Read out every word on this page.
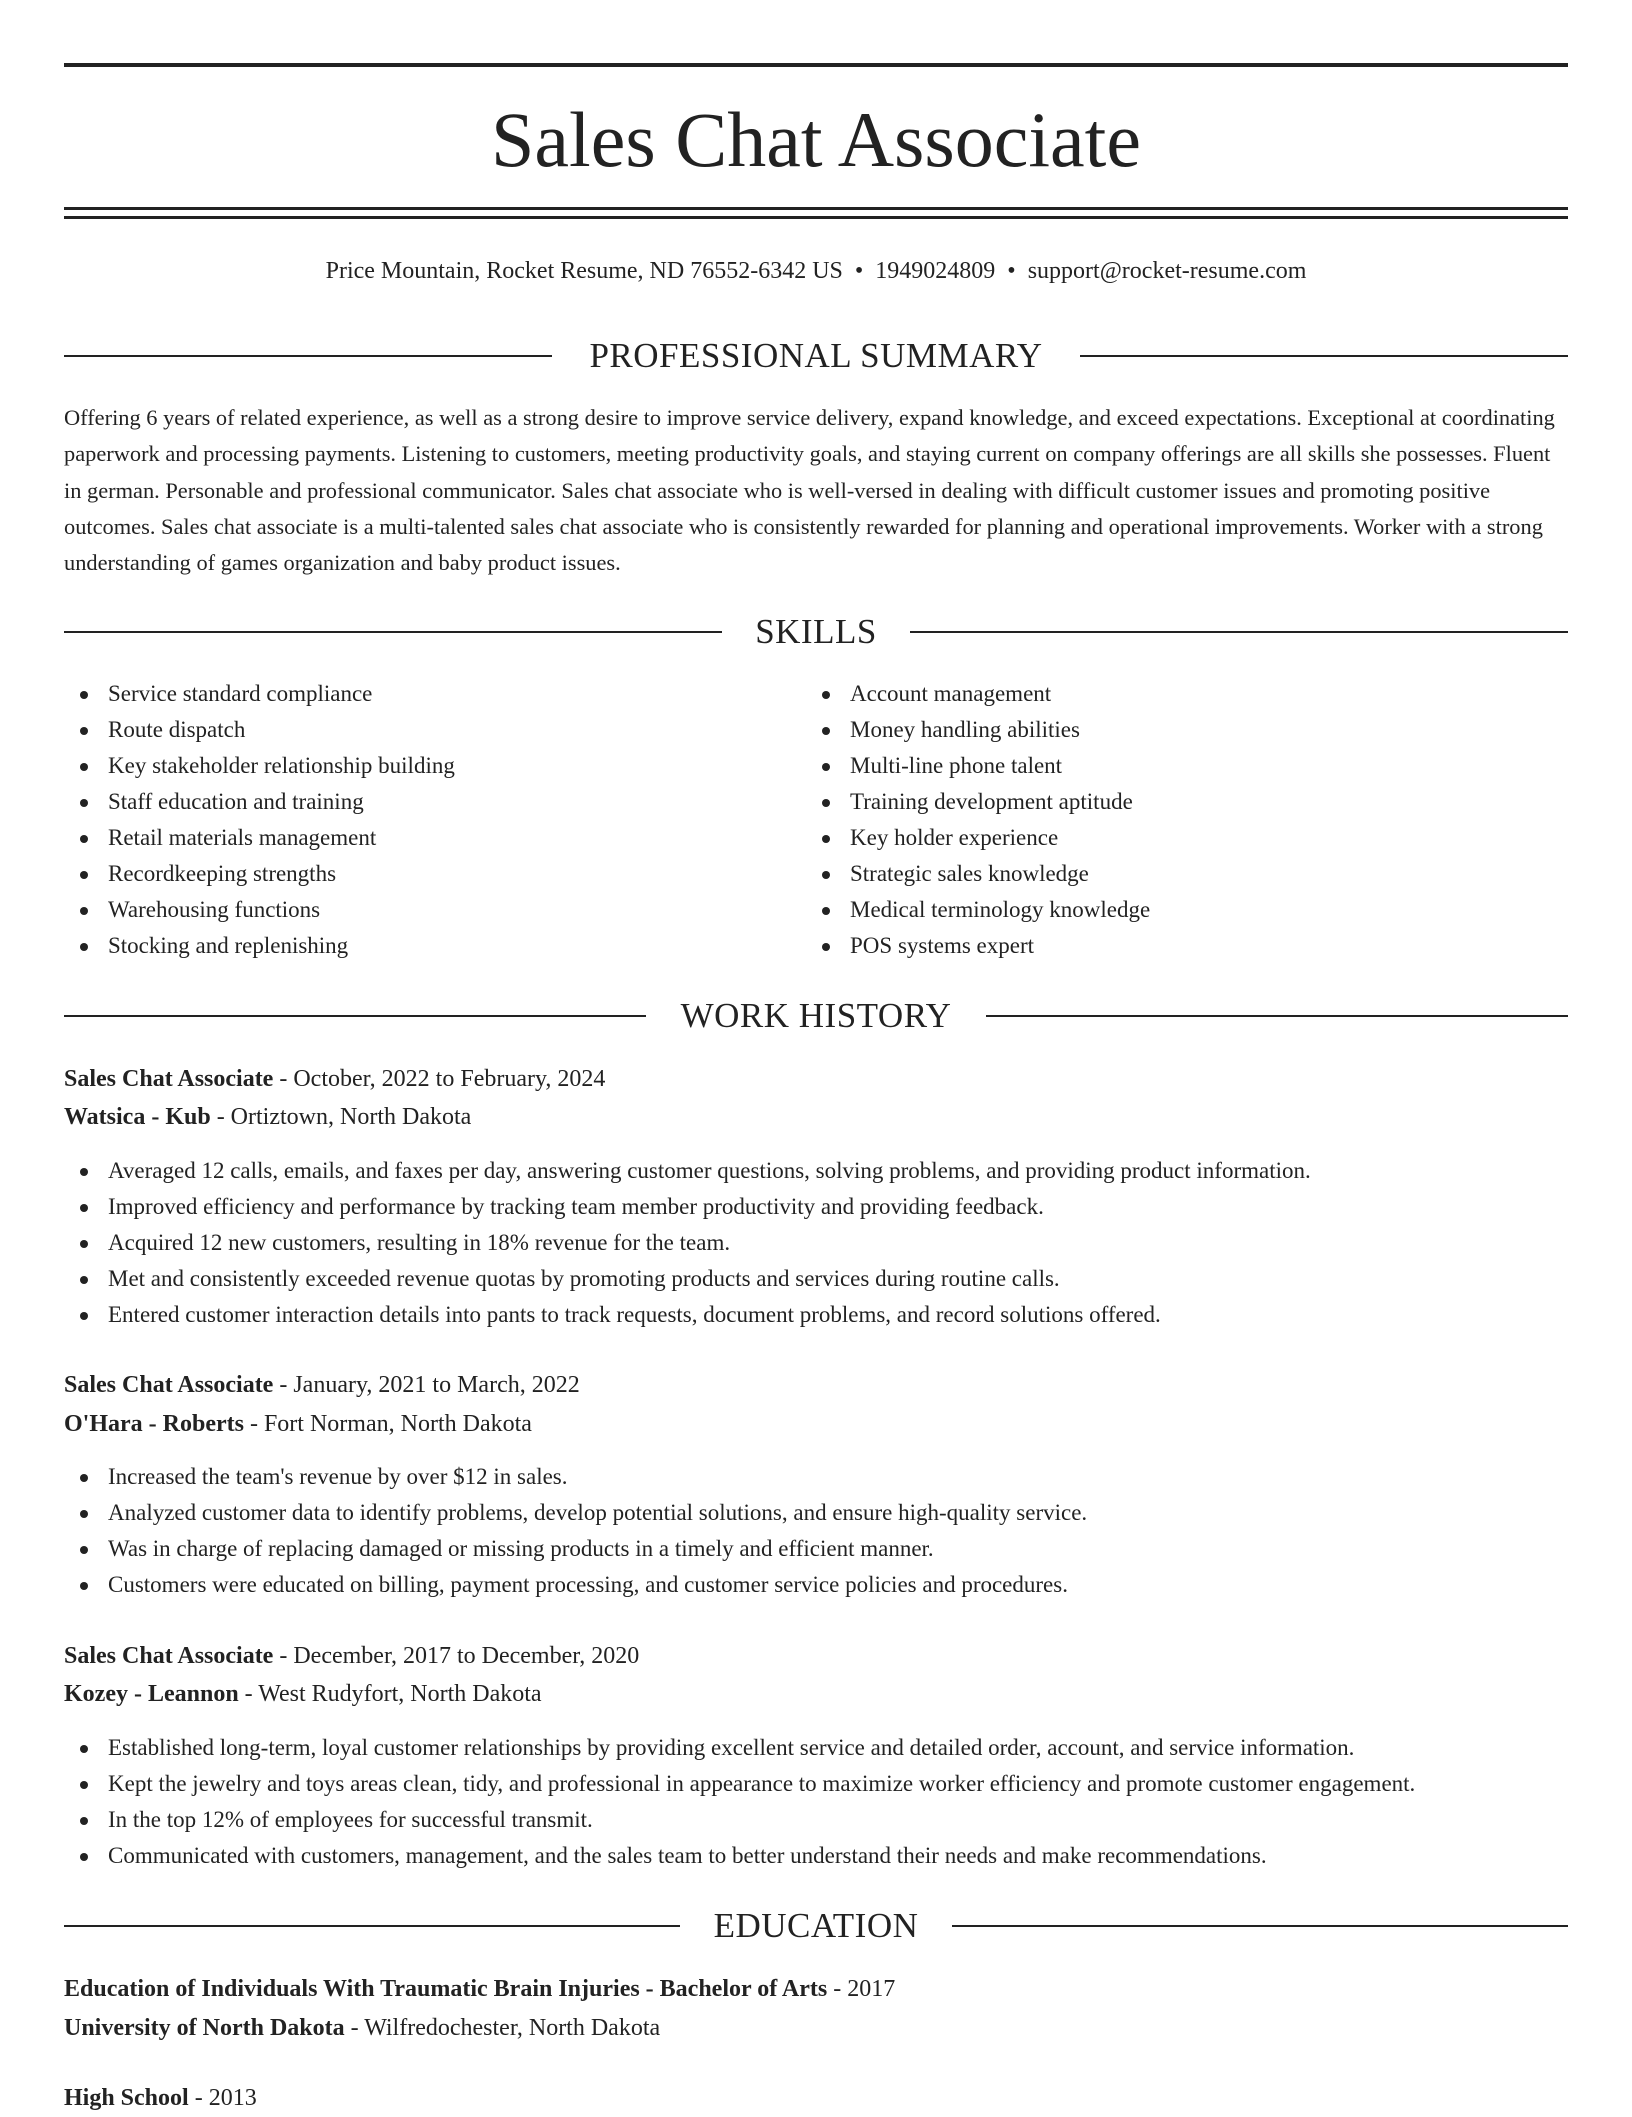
Sales Chat Associate
Price Mountain, Rocket Resume, ND 76552-6342 US • 1949024809 • support@rocket-resume.com
PROFESSIONAL SUMMARY
Offering 6 years of related experience, as well as a strong desire to improve service delivery, expand knowledge, and exceed expectations. Exceptional at coordinating paperwork and processing payments. Listening to customers, meeting productivity goals, and staying current on company offerings are all skills she possesses. Fluent in german. Personable and professional communicator. Sales chat associate who is well-versed in dealing with difficult customer issues and promoting positive outcomes. Sales chat associate is a multi-talented sales chat associate who is consistently rewarded for planning and operational improvements. Worker with a strong understanding of games organization and baby product issues.
SKILLS
Service standard compliance
Route dispatch
Key stakeholder relationship building
Staff education and training
Retail materials management
Recordkeeping strengths
Warehousing functions
Stocking and replenishing
Account management
Money handling abilities
Multi-line phone talent
Training development aptitude
Key holder experience
Strategic sales knowledge
Medical terminology knowledge
POS systems expert
WORK HISTORY
Sales Chat Associate - October, 2022 to February, 2024
Watsica - Kub - Ortiztown, North Dakota
Averaged 12 calls, emails, and faxes per day, answering customer questions, solving problems, and providing product information.
Improved efficiency and performance by tracking team member productivity and providing feedback.
Acquired 12 new customers, resulting in 18% revenue for the team.
Met and consistently exceeded revenue quotas by promoting products and services during routine calls.
Entered customer interaction details into pants to track requests, document problems, and record solutions offered.
Sales Chat Associate - January, 2021 to March, 2022
O'Hara - Roberts - Fort Norman, North Dakota
Increased the team's revenue by over $12 in sales.
Analyzed customer data to identify problems, develop potential solutions, and ensure high-quality service.
Was in charge of replacing damaged or missing products in a timely and efficient manner.
Customers were educated on billing, payment processing, and customer service policies and procedures.
Sales Chat Associate - December, 2017 to December, 2020
Kozey - Leannon - West Rudyfort, North Dakota
Established long-term, loyal customer relationships by providing excellent service and detailed order, account, and service information.
Kept the jewelry and toys areas clean, tidy, and professional in appearance to maximize worker efficiency and promote customer engagement.
In the top 12% of employees for successful transmit.
Communicated with customers, management, and the sales team to better understand their needs and make recommendations.
EDUCATION
Education of Individuals With Traumatic Brain Injuries - Bachelor of Arts - 2017
University of North Dakota - Wilfredochester, North Dakota
High School - 2013
